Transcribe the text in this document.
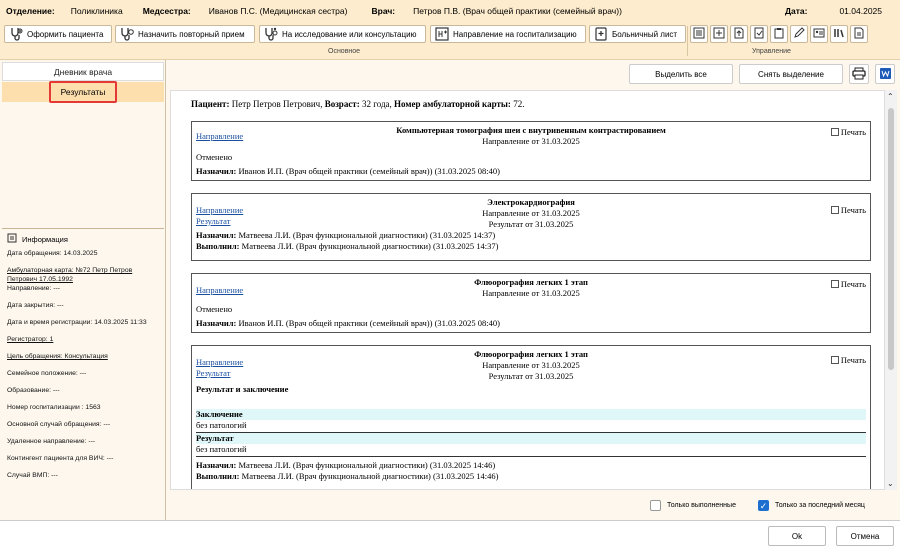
Отделение: Поликлиника Медсестра: Иванов П.С. (Медицинская сестра)	Врач: Петров П.В. (Врач общей практики (семейный врач))	Дата:	01.04.2025
Оформить пациента	Назначить повторный прием	На исследование или консультацию	Направление на госпитализацию	Больничный лист
Основное	Управление
Дневник врача
Результаты
Информация
Дата обращения: 14.03.2025
Амбулаторная карта: №72 Петр Петров
Петрович 17.05.1992
Направление: ---
Дата закрытия: ---
Дата и время регистрации: 14.03.2025 11:33
Регистратор: 1
Цель обращения: Консультация
Семейное положение: ---
Образование: ---
Номер госпитализации : 1563
Основной случай обращения: ---
Удаленное направление: ---
Контингент пациента для ВИЧ: ---
Случай ВМП: ---
Выделить все	Снять выделение
Пациент: Петр Петров Петрович, Возраст: 32 года, Номер амбулаторной карты: 72.
Направление
Компьютерная томография шеи с внутривенным контрастированием
Направление от 31.03.2025
Печать
Отменено
Назначил: Иванов И.П. (Врач общей практики (семейный врач)) (31.03.2025 08:40)
Направление
Результат
Электрокардиография
Направление от 31.03.2025
Результат от 31.03.2025
Печать
Назначил: Матвеева Л.И. (Врач функциональной диагностики) (31.03.2025 14:37)
Выполнил: Матвеева Л.И. (Врач функциональной диагностики) (31.03.2025 14:37)
Направление
Флюорография легких 1 этап
Направление от 31.03.2025
Печать
Отменено
Назначил: Иванов И.П. (Врач общей практики (семейный врач)) (31.03.2025 08:40)
Направление
Результат
Флюорография легких 1 этап
Направление от 31.03.2025
Результат от 31.03.2025
Печать
Результат и заключение
Заключение
без патологий
Результат
без патологий
Назначил: Матвеева Л.И. (Врач функциональной диагностики) (31.03.2025 14:46)
Выполнил: Матвеева Л.И. (Врач функциональной диагностики) (31.03.2025 14:46)
⌃
⌄
Только выполненные	✓ Только за последний месяц
Ok	Отмена
